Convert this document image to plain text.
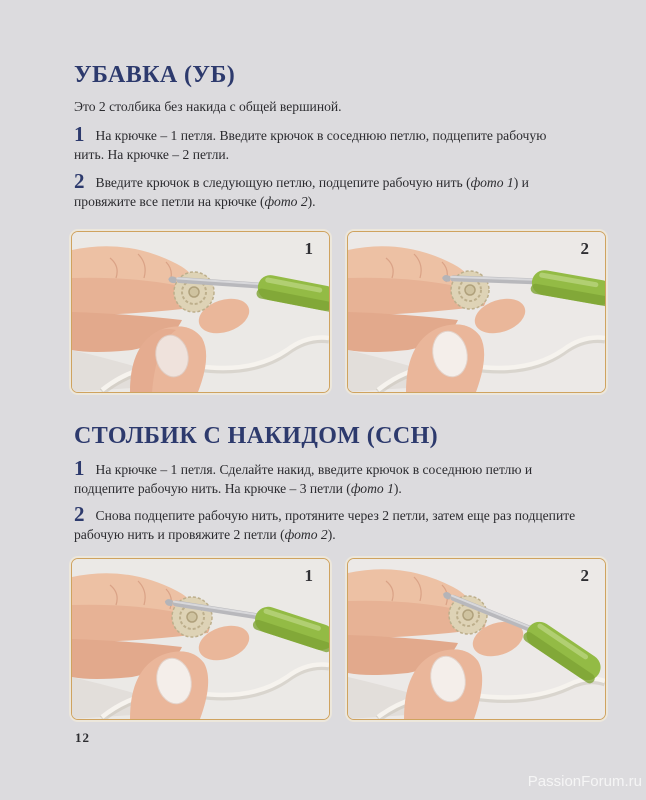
УБАВКА (УБ)

Это 2 столбика без накида с общей вершиной.

1 На крючке – 1 петля. Введите крючок в соседнюю петлю, подцепите рабочую нить. На крючке – 2 петли.

2 Введите крючок в следующую петлю, подцепите рабочую нить (фото 1) и провяжите все петли на крючке (фото 2).

1	2
СТОЛБИК С НАКИДОМ (ССН)

1 На крючке – 1 петля. Сделайте накид, введите крючок в соседнюю петлю и подцепите рабочую нить. На крючке – 3 петли (фото 1).

2 Снова подцепите рабочую нить, протяните через 2 петли, затем еще раз подцепите рабочую нить и провяжите 2 петли (фото 2).

1	2
12
PassionForum.ru
